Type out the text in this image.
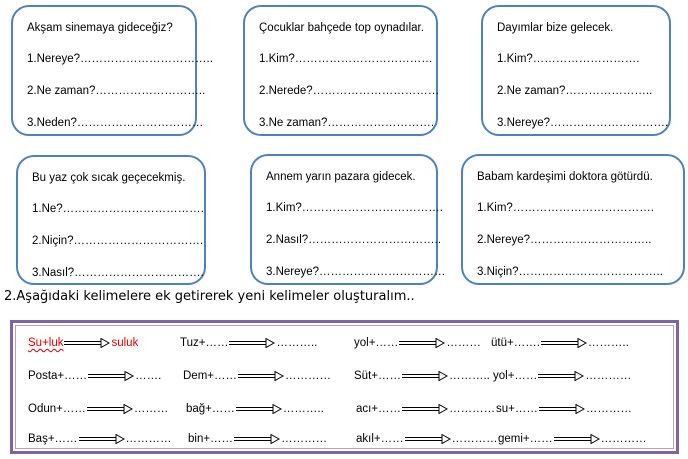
Akşam sinemaya gideceğiz?
1.Nereye?……………………………..
2.Ne zaman?………………………..
3.Neden?……………………………
Çocuklar bahçede top oynadılar.
1.Kim?………………………………
2.Nerede?……………………………
3.Ne zaman?……………………….
Dayımlar bize gelecek.
1.Kim?……………………….
2.Ne zaman?…………………..
3.Nereye?………………………….
Bu yaz çok sıcak geçecekmiş.
1.Ne?……………………………….
2.Niçin?…………………………….
3.Nasıl?…………………………….
Annem yarın pazara gidecek.
1.Kim?……………………………….
2.Nasıl?……………………………..
3.Nereye?……………………………
Babam kardeşimi doktora götürdü.
1.Kim?……………………………….
2.Nereye?…………………………..
3.Niçin?………………………………..
2.Aşağıdaki kelimelere ek getirerek yeni kelimeler oluşturalım..
Su+luk	suluk	Tuz+……	………..	yol+……	……… ütü+…….	………..
Posta+……	……. Dem+……	………… Süt+……	……….. yol+……	…………
Odun+……	……… bağ+……	………..	acı+……	………… su+……	…………
Baş+……	………… bin+……	…………	akıl+……	………… gemi+……	…………
